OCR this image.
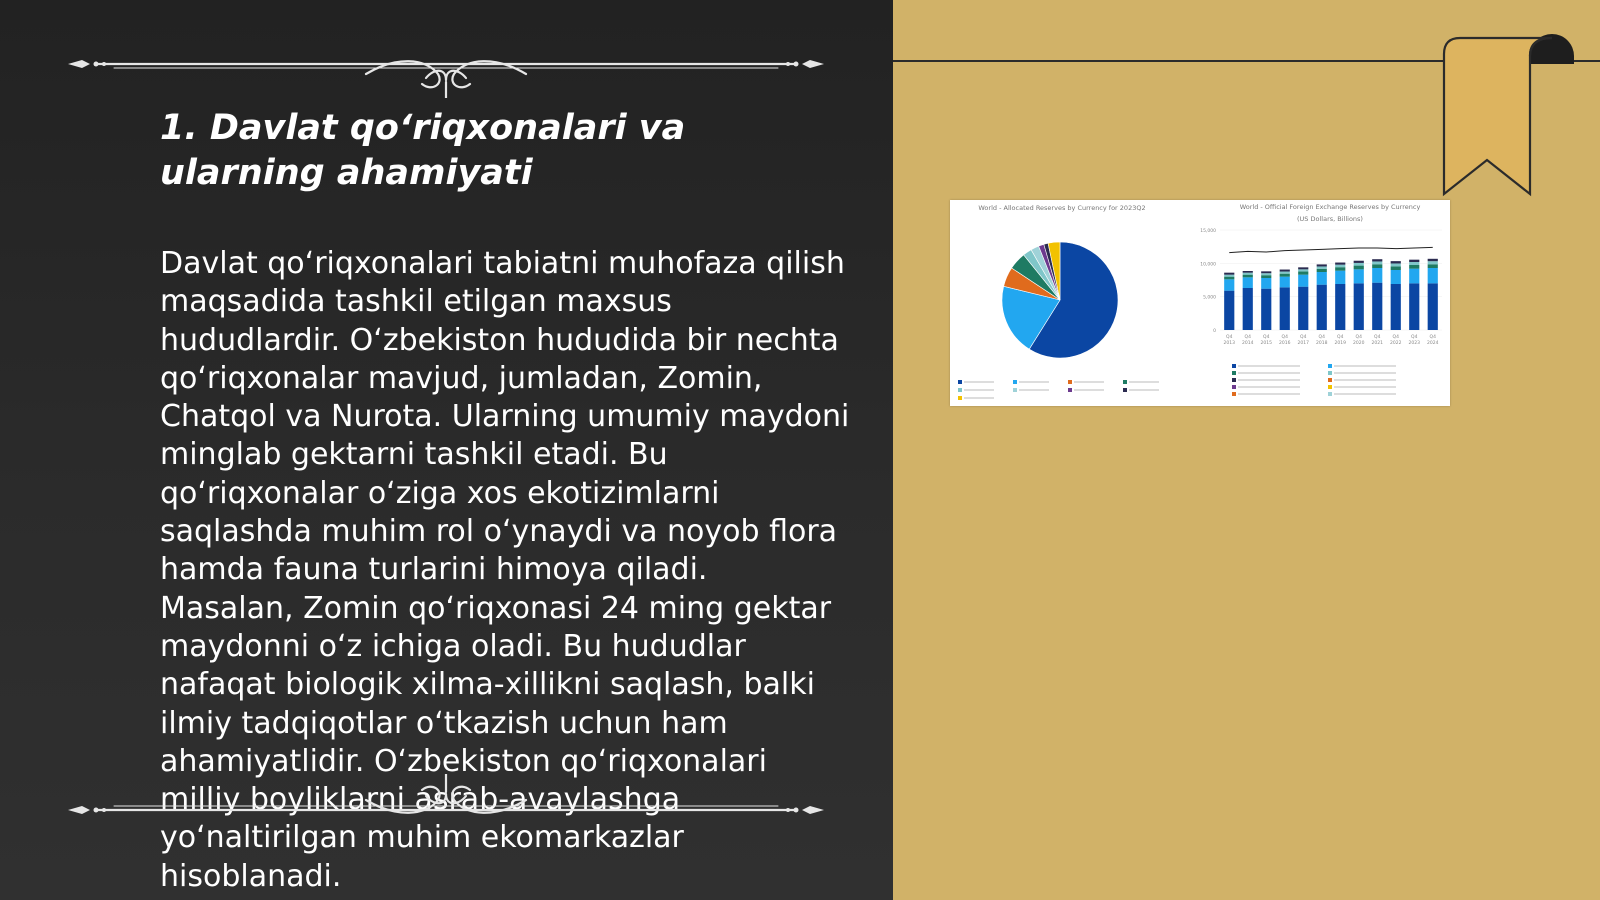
1. Davlat qo‘riqxonalari va ularning ahamiyati

Davlat qo‘riqxonalari tabiatni muhofaza qilish maqsadida tashkil etilgan maxsus hududlardir. O‘zbekiston hududida bir nechta qo‘riqxonalar mavjud, jumladan, Zomin, Chatqol va Nurota. Ularning umumiy maydoni minglab gektarni tashkil etadi. Bu qo‘riqxonalar o‘ziga xos ekotizimlarni saqlashda muhim rol o‘ynaydi va noyob flora hamda fauna turlarini himoya qiladi. Masalan, Zomin qo‘riqxonasi 24 ming gektar maydonni o‘z ichiga oladi. Bu hududlar nafaqat biologik xilma-xillikni saqlash, balki ilmiy tadqiqotlar o‘tkazish uchun ham ahamiyatlidir. O‘zbekiston qo‘riqxonalari milliy boyliklarni asrab-avaylashga yo‘naltirilgan muhim ekomarkazlar hisoblanadi.

World - Allocated Reserves by Currency for 2023Q2	World - Official Foreign Exchange Reserves by Currency
(US Dollars, Billions)
15,000
10,000
5,000
0
Q4
2013
Q4
2014
Q4
2015
Q4
2016
Q4
2017
Q4
2018
Q4
2019
Q4
2020
Q4
2021
Q4
2022
Q4
2023
Q4
2024
